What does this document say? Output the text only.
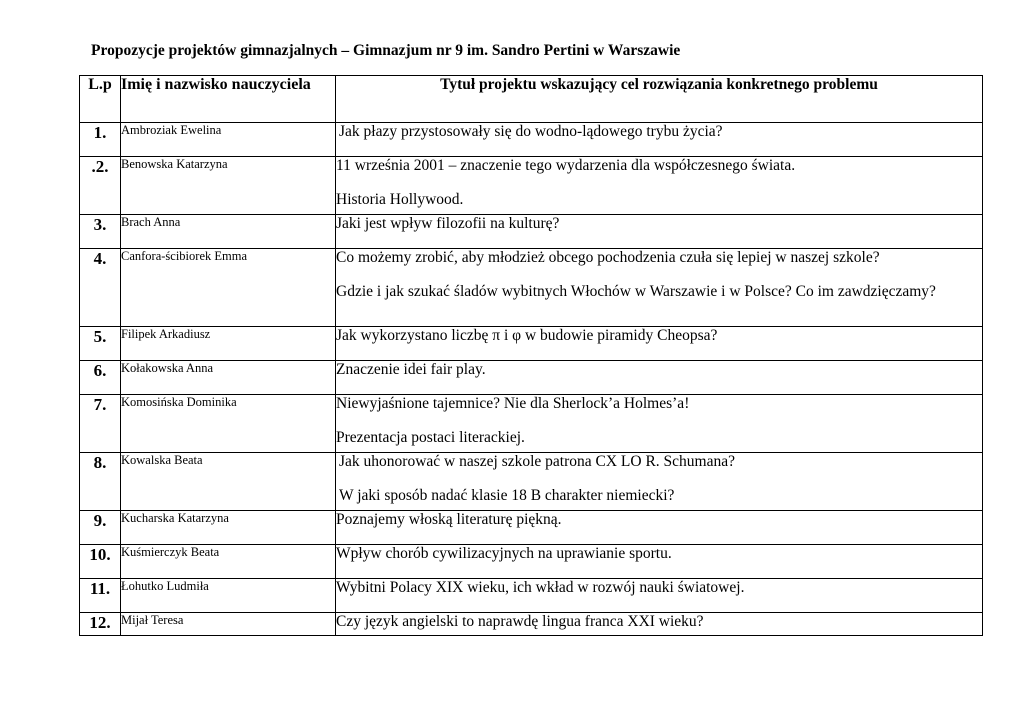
Propozycje projektów gimnazjalnych – Gimnazjum nr 9 im. Sandro Pertini w Warszawie
L.p	Imię i nazwisko nauczyciela	Tytuł projektu wskazujący cel rozwiązania konkretnego problemu
1.	Ambroziak Ewelina	Jak płazy przystosowały się do wodno-lądowego trybu życia?

.2.	Benowska Katarzyna	11 września 2001 – znaczenie tego wydarzenia dla współczesnego świata.
Historia Hollywood.

3.	Brach Anna	Jaki jest wpływ filozofii na kulturę?

4.	Canfora-ścibiorek Emma	Co możemy zrobić, aby młodzież obcego pochodzenia czuła się lepiej w naszej szkole?
Gdzie i jak szukać śladów wybitnych Włochów w Warszawie i w Polsce? Co im zawdzięczamy?

5.	Filipek Arkadiusz	Jak wykorzystano liczbę π i φ w budowie piramidy Cheopsa?

6.	Kołakowska Anna	Znaczenie idei fair play.

7.	Komosińska Dominika	Niewyjaśnione tajemnice? Nie dla Sherlock’a Holmes’a!
Prezentacja postaci literackiej.

8.	Kowalska Beata	Jak uhonorować w naszej szkole patrona CX LO R. Schumana?
W jaki sposób nadać klasie 18 B charakter niemiecki?

9.	Kucharska Katarzyna	Poznajemy włoską literaturę piękną.

10.	Kuśmierczyk Beata	Wpływ chorób cywilizacyjnych na uprawianie sportu.

11.	Łohutko Ludmiła	Wybitni Polacy XIX wieku, ich wkład w rozwój nauki światowej.

12.	Mijał Teresa	Czy język angielski to naprawdę lingua franca XXI wieku?
